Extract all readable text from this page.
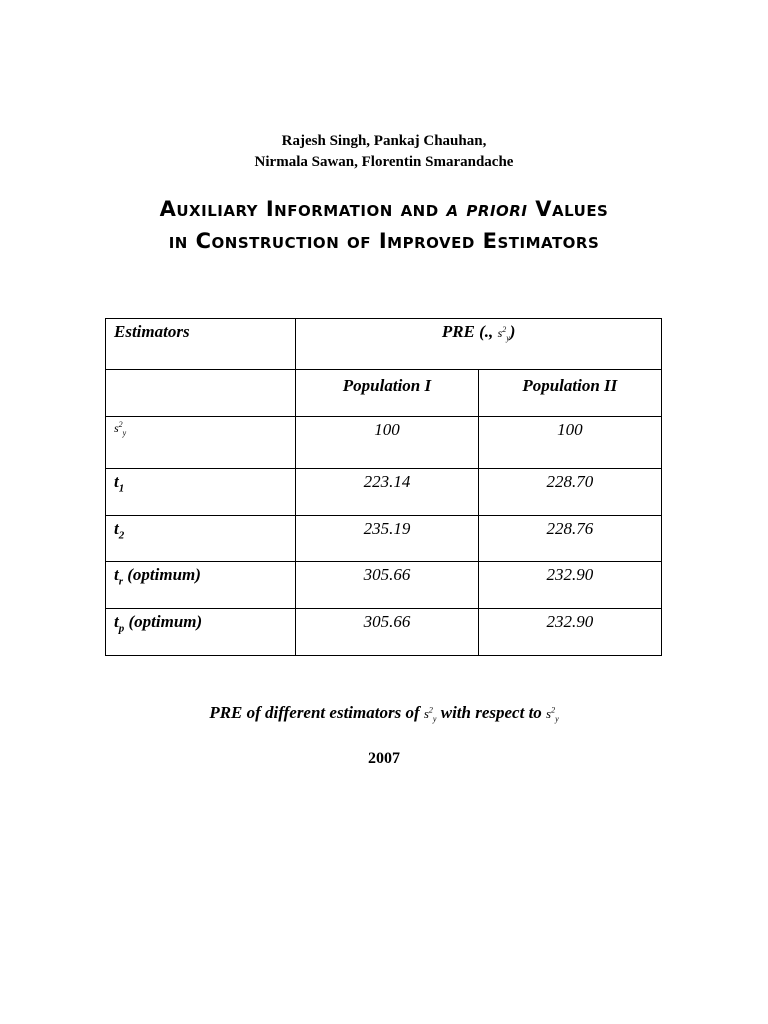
Rajesh Singh, Pankaj Chauhan,
Nirmala Sawan, Florentin Smarandache
Auxiliary Information and a priori Values
in Construction of Improved Estimators
Estimators	PRE (., $s^2_y$)	

	Population I	Population II

$s^2_y$	100	100

$t_1$	223.14	228.70

$t_2$	235.19	228.76

$t_r$ (optimum)	305.66	232.90

$t_p$ (optimum)	305.66	232.90
PRE of different estimators of $s^2_y$ with respect to $s^2_y$
2007
